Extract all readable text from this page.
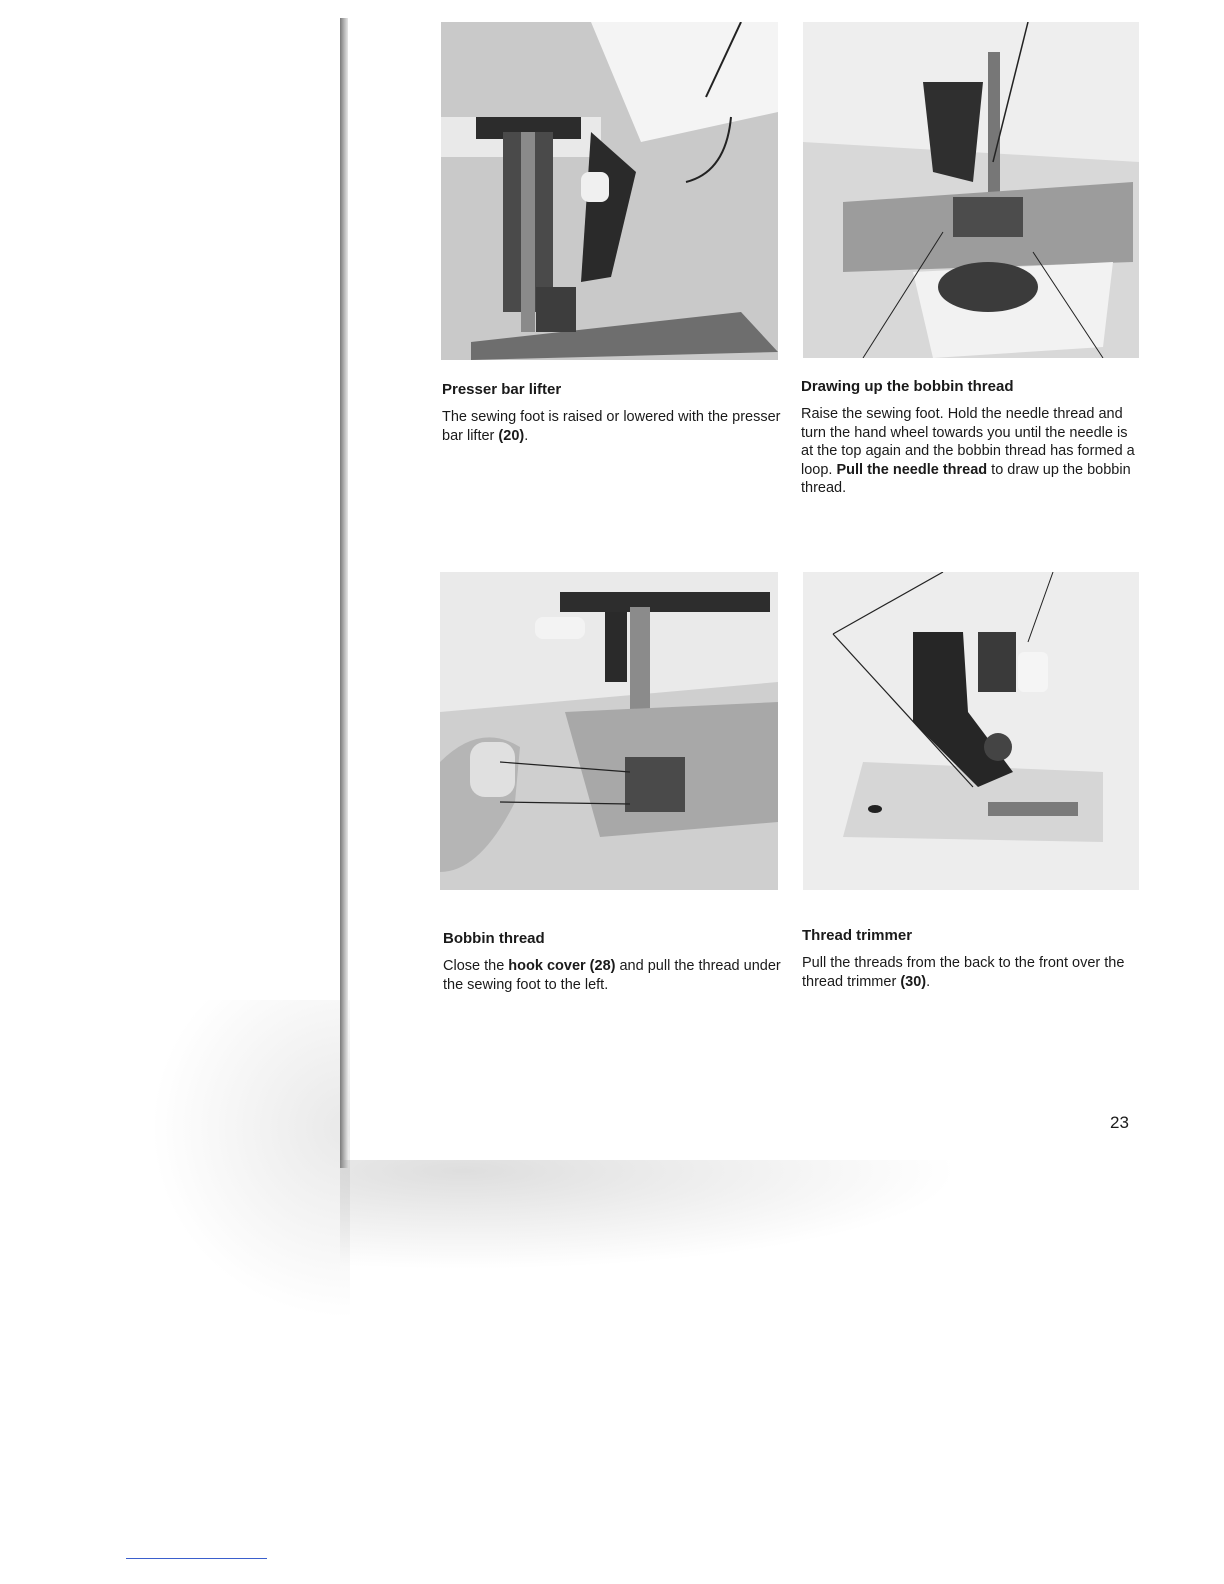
Presser bar lifter

The sewing foot is raised or lowered with the presser bar lifter (20).

Drawing up the bobbin thread

Raise the sewing foot. Hold the needle thread and turn the hand wheel towards you until the needle is at the top again and the bobbin thread has formed a loop. Pull the needle thread to draw up the bobbin thread.

Bobbin thread

Close the hook cover (28) and pull the thread under the sewing foot to the left.

Thread trimmer

Pull the threads from the back to the front over the thread trimmer (30).

23
